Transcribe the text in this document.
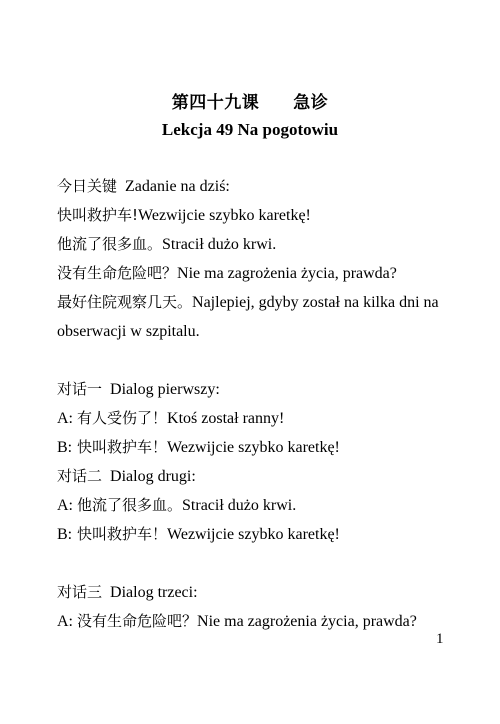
第四十九课 急诊
Lekcja 49 Na pogotowiu
今日关键 Zadanie na dziś:
快叫救护车!Wezwijcie szybko karetkę!
他流了很多血。Stracił dużo krwi.
没有生命危险吧？Nie ma zagrożenia życia, prawda?
最好住院观察几天。Najlepiej, gdyby został na kilka dni na obserwacji w szpitalu.
对话一 Dialog pierwszy:
A: 有人受伤了！Ktoś został ranny!
B: 快叫救护车！Wezwijcie szybko karetkę!
对话二 Dialog drugi:
A: 他流了很多血。Stracił dużo krwi.
B: 快叫救护车！Wezwijcie szybko karetkę!
对话三 Dialog trzeci:
A: 没有生命危险吧？Nie ma zagrożenia życia, prawda?
1
